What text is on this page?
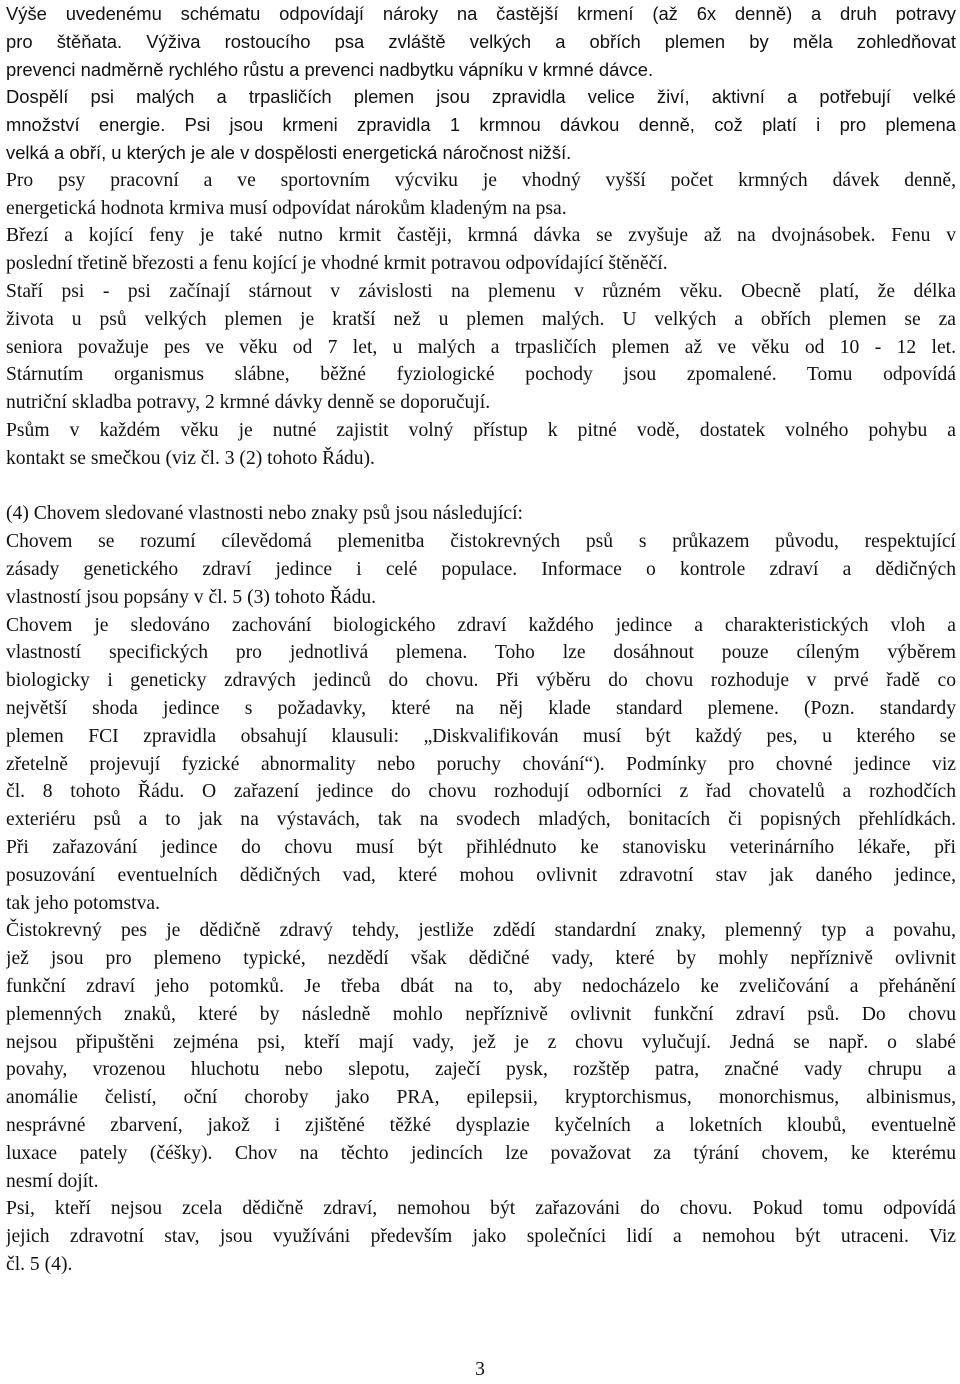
Výše uvedenému schématu odpovídají nároky na častější krmení (až 6x denně) a druh potravy
pro štěňata. Výživa rostoucího psa zvláště velkých a obřích plemen by měla zohledňovat
prevenci nadměrně rychlého růstu a prevenci nadbytku vápníku v krmné dávce.
Dospělí psi malých a trpasličích plemen jsou zpravidla velice živí, aktivní a potřebují velké
množství energie. Psi jsou krmeni zpravidla 1 krmnou dávkou denně, což platí i pro plemena
velká a obří, u kterých je ale v dospělosti energetická náročnost nižší.
Pro psy pracovní a ve sportovním výcviku je vhodný vyšší počet krmných dávek denně,
energetická hodnota krmiva musí odpovídat nárokům kladeným na psa.
Březí a kojící feny je také nutno krmit častěji, krmná dávka se zvyšuje až na dvojnásobek. Fenu v
poslední třetině březosti a fenu kojící je vhodné krmit potravou odpovídající štěněčí.
Staří psi - psi začínají stárnout v závislosti na plemenu v různém věku. Obecně platí, že délka
života u psů velkých plemen je kratší než u plemen malých. U velkých a obřích plemen se za
seniora považuje pes ve věku od 7 let, u malých a trpasličích plemen až ve věku od 10 - 12 let.
Stárnutím organismus slábne, běžné fyziologické pochody jsou zpomalené. Tomu odpovídá
nutriční skladba potravy, 2 krmné dávky denně se doporučují.
Psům v každém věku je nutné zajistit volný přístup k pitné vodě, dostatek volného pohybu a
kontakt se smečkou (viz čl. 3 (2) tohoto Řádu).
(4) Chovem sledované vlastnosti nebo znaky psů jsou následující:
Chovem se rozumí cílevědomá plemenitba čistokrevných psů s průkazem původu, respektující
zásady genetického zdraví jedince i celé populace. Informace o kontrole zdraví a dědičných
vlastností jsou popsány v čl. 5 (3) tohoto Řádu.
Chovem je sledováno zachování biologického zdraví každého jedince a charakteristických vloh a
vlastností specifických pro jednotlivá plemena. Toho lze dosáhnout pouze cíleným výběrem
biologicky i geneticky zdravých jedinců do chovu. Při výběru do chovu rozhoduje v prvé řadě co
největší shoda jedince s požadavky, které na něj klade standard plemene. (Pozn. standardy
plemen FCI zpravidla obsahují klausuli: „Diskvalifikován musí být každý pes, u kterého se
zřetelně projevují fyzické abnormality nebo poruchy chování“). Podmínky pro chovné jedince viz
čl. 8 tohoto Řádu. O zařazení jedince do chovu rozhodují odborníci z řad chovatelů a rozhodčích
exteriéru psů a to jak na výstavách, tak na svodech mladých, bonitacích či popisných přehlídkách.
Při zařazování jedince do chovu musí být přihlédnuto ke stanovisku veterinárního lékaře, při
posuzování eventuelních dědičných vad, které mohou ovlivnit zdravotní stav jak daného jedince,
tak jeho potomstva.
Čistokrevný pes je dědičně zdravý tehdy, jestliže zdědí standardní znaky, plemenný typ a povahu,
jež jsou pro plemeno typické, nezdědí však dědičné vady, které by mohly nepříznivě ovlivnit
funkční zdraví jeho potomků. Je třeba dbát na to, aby nedocházelo ke zveličování a přehánění
plemenných znaků, které by následně mohlo nepříznivě ovlivnit funkční zdraví psů. Do chovu
nejsou připuštěni zejména psi, kteří mají vady, jež je z chovu vylučují. Jedná se např. o slabé
povahy, vrozenou hluchotu nebo slepotu, zaječí pysk, rozštěp patra, značné vady chrupu a
anomálie čelistí, oční choroby jako PRA, epilepsii, kryptorchismus, monorchismus, albinismus,
nesprávné zbarvení, jakož i zjištěné těžké dysplazie kyčelních a loketních kloubů, eventuelně
luxace pately (čéšky). Chov na těchto jedincích lze považovat za týrání chovem, ke kterému
nesmí dojít.
Psi, kteří nejsou zcela dědičně zdraví, nemohou být zařazováni do chovu. Pokud tomu odpovídá
jejich zdravotní stav, jsou využíváni především jako společníci lidí a nemohou být utraceni. Viz
čl. 5 (4).
3
